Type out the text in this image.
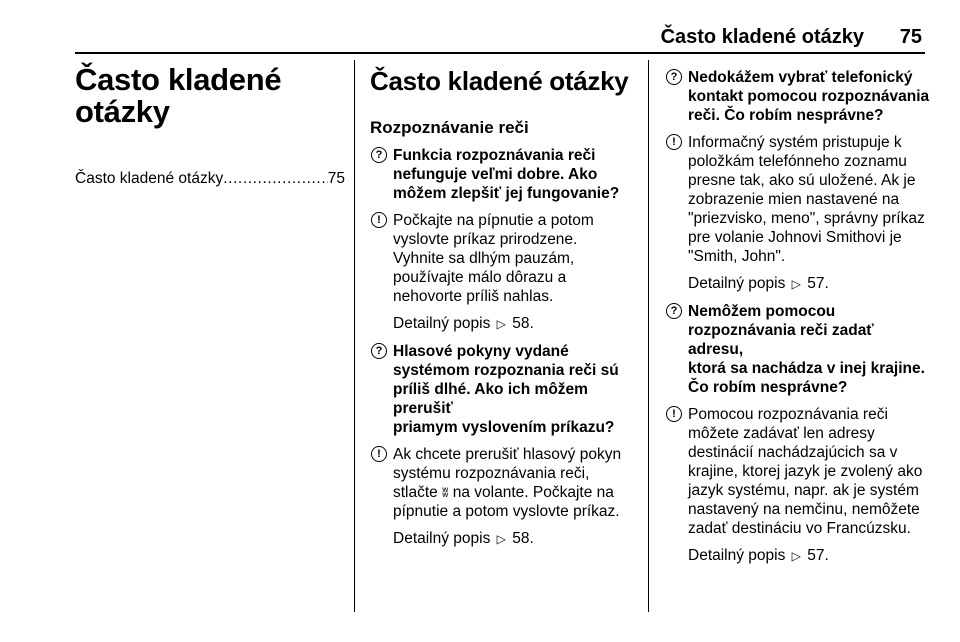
Často kladené otázky 75
Často kladené
otázky
Často kladené otázky
.....	75
Často kladené otázky
Rozpoznávanie reči
? Funkcia rozpoznávania reči
nefunguje veľmi dobre. Ako
môžem zlepšiť jej fungovanie?
! Počkajte na pípnutie a potom
vyslovte príkaz prirodzene.
Vyhnite sa dlhým pauzám,
používajte málo dôrazu a
nehovorte príliš nahlas.
Detailný popis ▷ 58.
? Hlasové pokyny vydané
systémom rozpoznania reči sú
príliš dlhé. Ako ich môžem prerušiť
priamym vyslovením príkazu?
! Ak chcete prerušiť hlasový pokyn
systému rozpoznávania reči,
stlačte ʬ na volante. Počkajte na
pípnutie a potom vyslovte príkaz.
Detailný popis ▷ 58.
? Nedokážem vybrať telefonický
kontakt pomocou rozpoznávania
reči. Čo robím nesprávne?
! Informačný systém pristupuje k
položkám telefónneho zoznamu
presne tak, ako sú uložené. Ak je
zobrazenie mien nastavené na
"priezvisko, meno", správny príkaz
pre volanie Johnovi Smithovi je
"Smith, John".
Detailný popis ▷ 57.
? Nemôžem pomocou
rozpoznávania reči zadať adresu,
ktorá sa nachádza v inej krajine.
Čo robím nesprávne?
! Pomocou rozpoznávania reči
môžete zadávať len adresy
destinácií nachádzajúcich sa v
krajine, ktorej jazyk je zvolený ako
jazyk systému, napr. ak je systém
nastavený na nemčinu, nemôžete
zadať destináciu vo Francúzsku.
Detailný popis ▷ 57.
